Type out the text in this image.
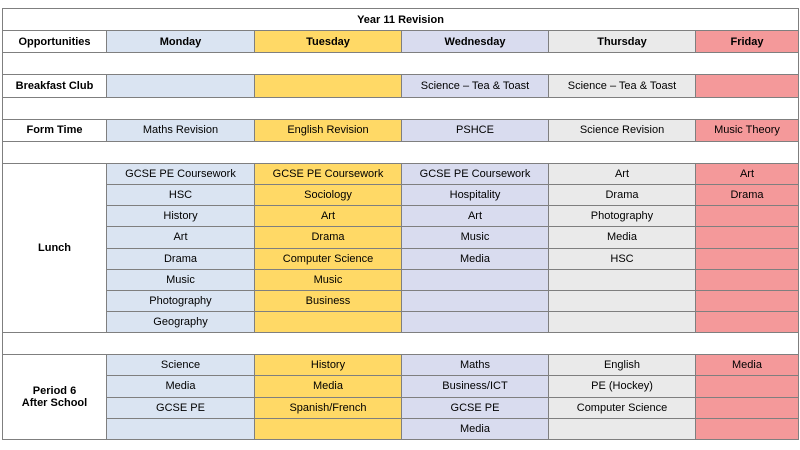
Year 11 Revision					
Opportunities	Monday	Tuesday	Wednesday	Thursday	Friday

Breakfast Club			Science – Tea & Toast	Science – Tea & Toast	

Form Time	Maths Revision	English Revision	PSHCE	Science Revision	Music Theory

Lunch	GCSE PE Coursework	GCSE PE Coursework	GCSE PE Coursework	Art	Art
	HSC	Sociology	Hospitality	Drama	Drama
	History	Art	Art	Photography	
	Art	Drama	Music	Media	
	Drama	Computer Science	Media	HSC	
	Music	Music			
	Photography	Business			
	Geography				

Period 6
After School	Science	History	Maths	English	Media
	Media	Media	Business/ICT	PE (Hockey)	
	GCSE PE	Spanish/French	GCSE PE	Computer Science	
			Media		
